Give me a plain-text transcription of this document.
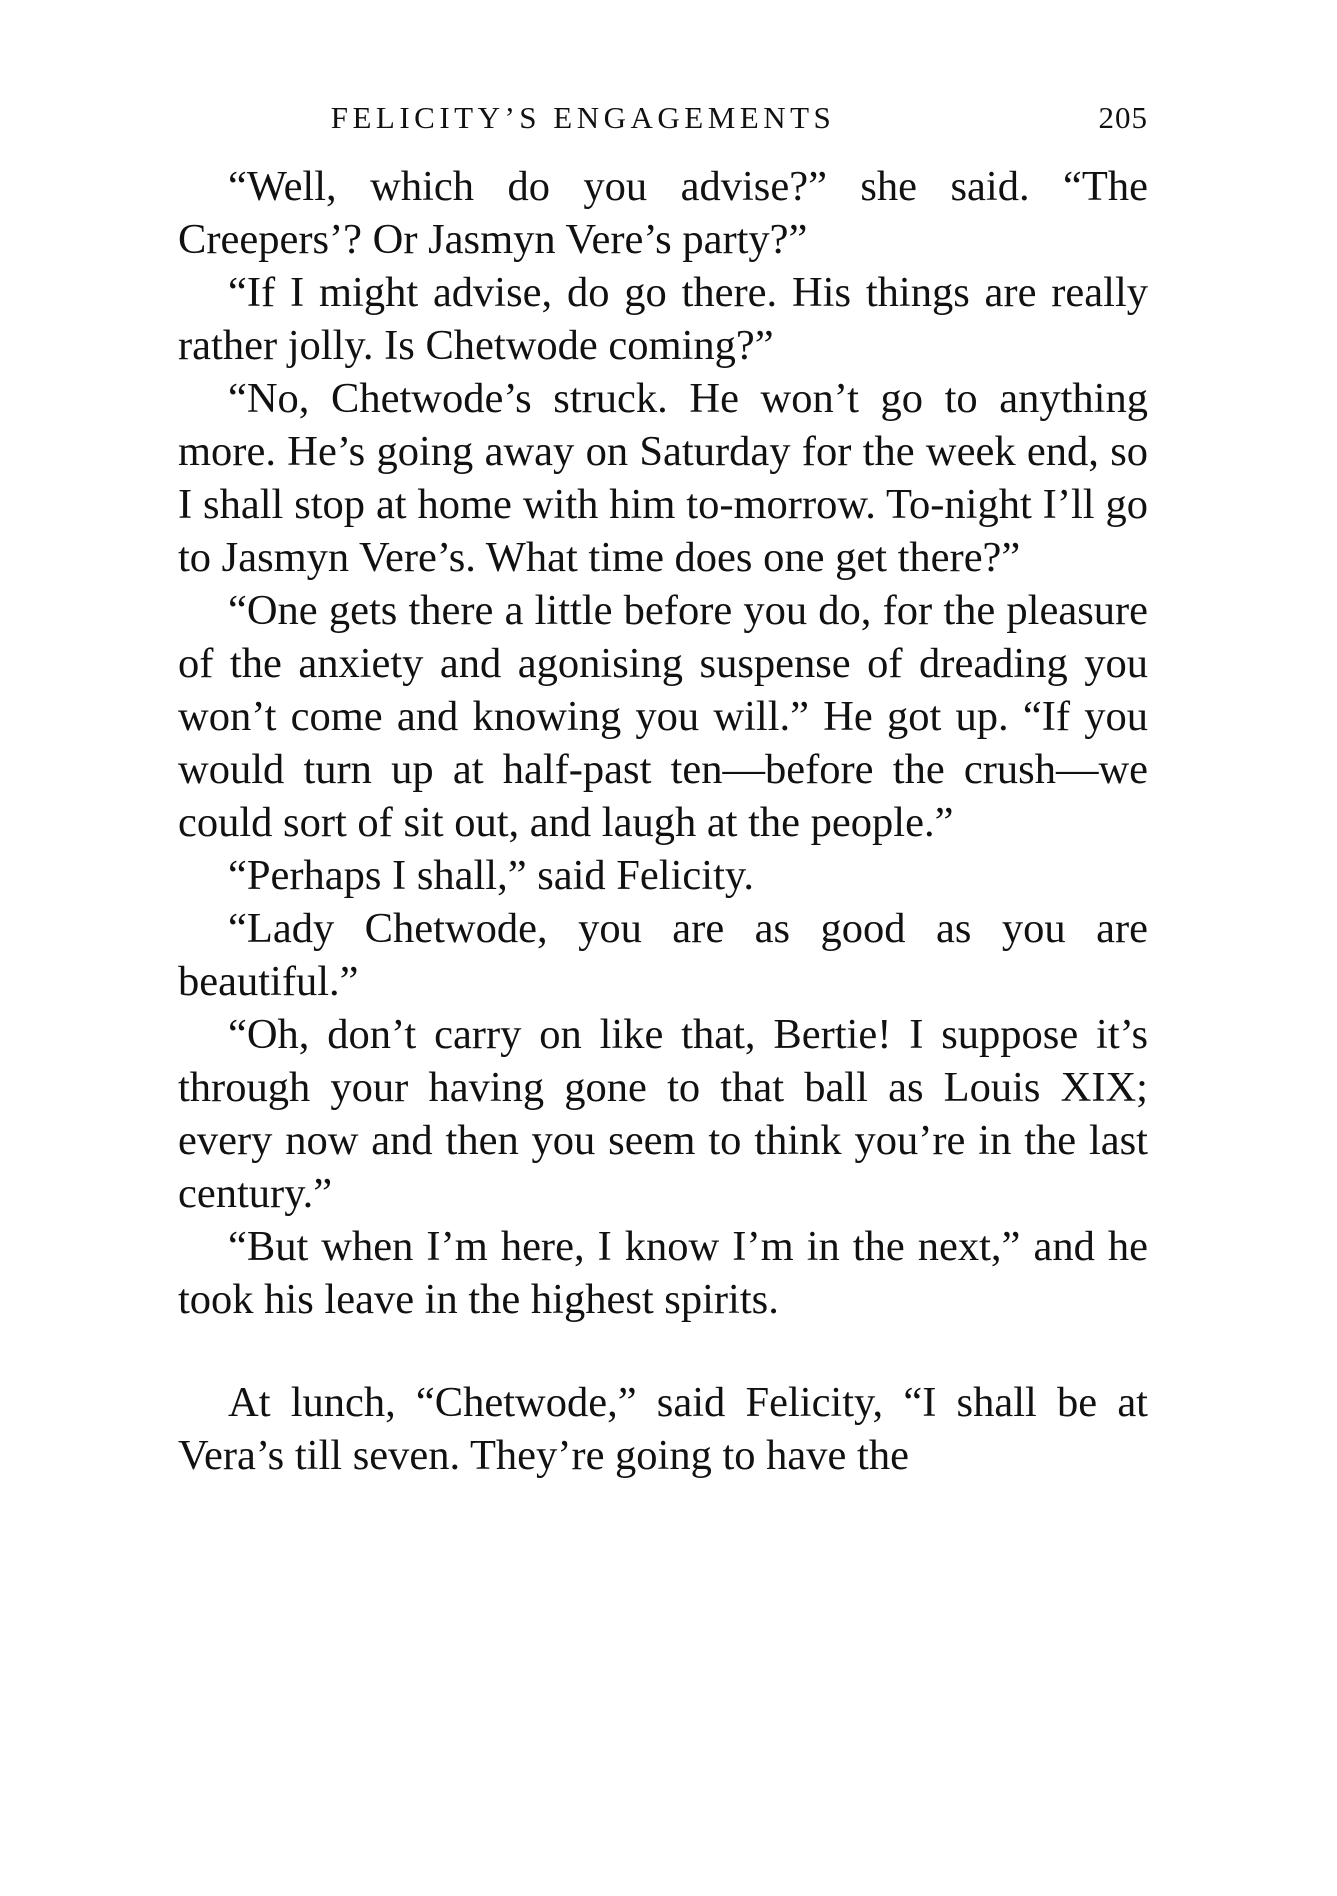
FELICITY’S ENGAGEMENTS	205

“Well, which do you advise?” she said. “The Creepers’? Or Jasmyn Vere’s party?”

“If I might advise, do go there. His things are really rather jolly. Is Chetwode coming?”

“No, Chetwode’s struck. He won’t go to anything more. He’s going away on Saturday for the week end, so I shall stop at home with him to-morrow. To-night I’ll go to Jasmyn Vere’s. What time does one get there?”

“One gets there a little before you do, for the pleasure of the anxiety and agonising suspense of dreading you won’t come and knowing you will.” He got up. “If you would turn up at half-past ten—before the crush—we could sort of sit out, and laugh at the people.”

“Perhaps I shall,” said Felicity.

“Lady Chetwode, you are as good as you are beautiful.”

“Oh, don’t carry on like that, Bertie! I suppose it’s through your having gone to that ball as Louis XIX; every now and then you seem to think you’re in the last century.”

“But when I’m here, I know I’m in the next,” and he took his leave in the highest spirits.

At lunch, “Chetwode,” said Felicity, “I shall be at Vera’s till seven. They’re going to have the
